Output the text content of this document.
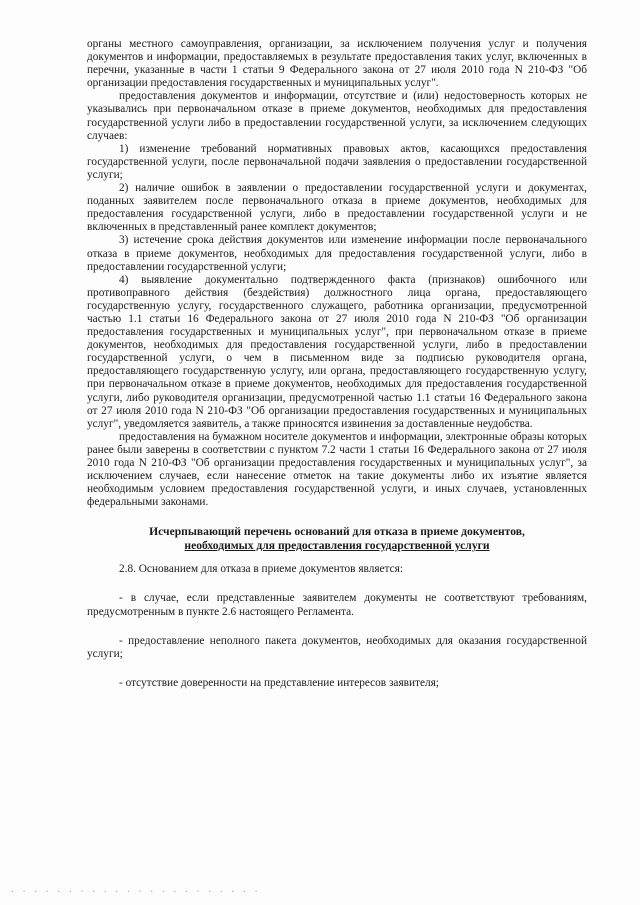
органы местного самоуправления, организации, за исключением получения услуг и получения документов и информации, предоставляемых в результате предоставления таких услуг, включенных в перечни, указанные в части 1 статьи 9 Федерального закона от 27 июля 2010 года N 210-ФЗ "Об организации предоставления государственных и муниципальных услуг".

предоставления документов и информации, отсутствие и (или) недостоверность которых не указывались при первоначальном отказе в приеме документов, необходимых для предоставления государственной услуги либо в предоставлении государственной услуги, за исключением следующих случаев:

1) изменение требований нормативных правовых актов, касающихся предоставления государственной услуги, после первоначальной подачи заявления о предоставлении государственной услуги;

2) наличие ошибок в заявлении о предоставлении государственной услуги и документах, поданных заявителем после первоначального отказа в приеме документов, необходимых для предоставления государственной услуги, либо в предоставлении государственной услуги и не включенных в представленный ранее комплект документов;

3) истечение срока действия документов или изменение информации после первоначального отказа в приеме документов, необходимых для предоставления государственной услуги, либо в предоставлении государственной услуги;

4) выявление документально подтвержденного факта (признаков) ошибочного или противоправного действия (бездействия) должностного лица органа, предоставляющего государственную услугу, государственного служащего, работника организации, предусмотренной частью 1.1 статьи 16 Федерального закона от 27 июля 2010 года N 210-ФЗ "Об организации предоставления государственных и муниципальных услуг", при первоначальном отказе в приеме документов, необходимых для предоставления государственной услуги, либо в предоставлении государственной услуги, о чем в письменном виде за подписью руководителя органа, предоставляющего государственную услугу, или органа, предоставляющего государственную услугу, при первоначальном отказе в приеме документов, необходимых для предоставления государственной услуги, либо руководителя организации, предусмотренной частью 1.1 статьи 16 Федерального закона от 27 июля 2010 года N 210-ФЗ "Об организации предоставления государственных и муниципальных услуг", уведомляется заявитель, а также приносятся извинения за доставленные неудобства.

предоставления на бумажном носителе документов и информации, электронные образы которых ранее были заверены в соответствии с пунктом 7.2 части 1 статьи 16 Федерального закона от 27 июля 2010 года N 210-ФЗ "Об организации предоставления государственных и муниципальных услуг", за исключением случаев, если нанесение отметок на такие документы либо их изъятие является необходимым условием предоставления государственной услуги, и иных случаев, установленных федеральными законами.

Исчерпывающий перечень оснований для отказа в приеме документов,
необходимых для предоставления государственной услуги

2.8. Основанием для отказа в приеме документов является:

- в случае, если представленные заявителем документы не соответствуют требованиям, предусмотренным в пункте 2.6 настоящего Регламента.

- предоставление неполного пакета документов, необходимых для оказания государственной услуги;

- отсутствие доверенности на представление интересов заявителя;

. . . . . . . . . . . . . . . . . . . . . .
